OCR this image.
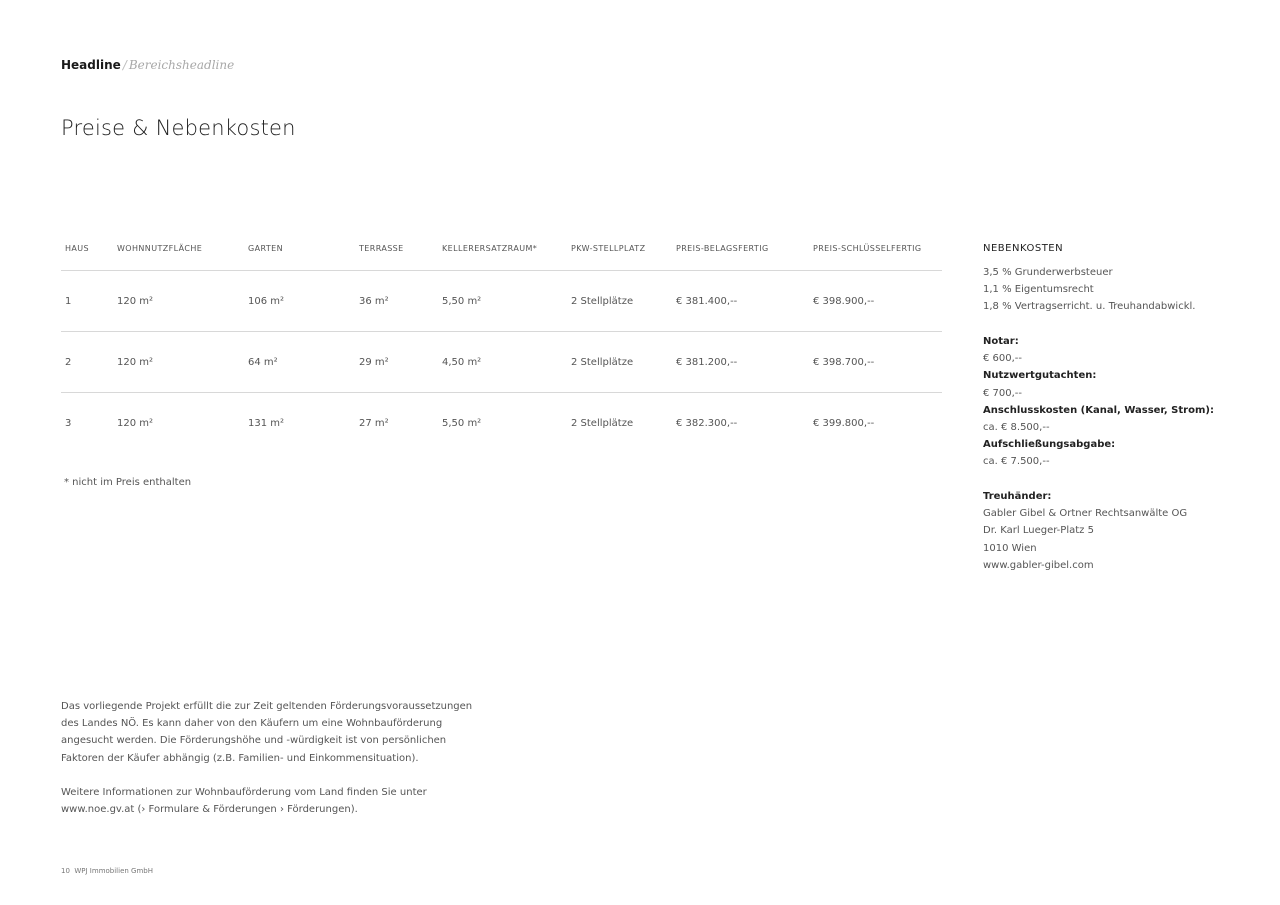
Headline / Bereichsheadline
Preise & Nebenkosten
HAUS	WOHNNUTZFLÄCHE	GARTEN	TERRASSE	KELLERERSATZRAUM*	PKW-STELLPLATZ	PREIS-BELAGSFERTIG	PREIS-SCHLÜSSELFERTIG
1	120 m²	106 m²	36 m²	5,50 m²	2 Stellplätze	€ 381.400,--	€ 398.900,--
2	120 m²	64 m²	29 m²	4,50 m²	2 Stellplätze	€ 381.200,--	€ 398.700,--
3	120 m²	131 m²	27 m²	5,50 m²	2 Stellplätze	€ 382.300,--	€ 399.800,--
* nicht im Preis enthalten
NEBENKOSTEN
3,5 % Grunderwerbsteuer
1,1 % Eigentumsrecht
1,8 % Vertragserricht. u. Treuhandabwickl.
Notar:
€ 600,--
Nutzwertgutachten:
€ 700,--
Anschlusskosten (Kanal, Wasser, Strom):
ca. € 8.500,--
Aufschließungsabgabe:
ca. € 7.500,--
Treuhänder:
Gabler Gibel & Ortner Rechtsanwälte OG
Dr. Karl Lueger-Platz 5
1010 Wien
www.gabler-gibel.com
Das vorliegende Projekt erfüllt die zur Zeit geltenden Förderungsvoraussetzungen des Landes NÖ. Es kann daher von den Käufern um eine Wohnbauförderung angesucht werden. Die Förderungshöhe und -würdigkeit ist von persönlichen Faktoren der Käufer abhängig (z.B. Familien- und Einkommensituation).
Weitere Informationen zur Wohnbauförderung vom Land finden Sie unter www.noe.gv.at (› Formulare & Förderungen › Förderungen).
10 WPJ Immobilien GmbH
